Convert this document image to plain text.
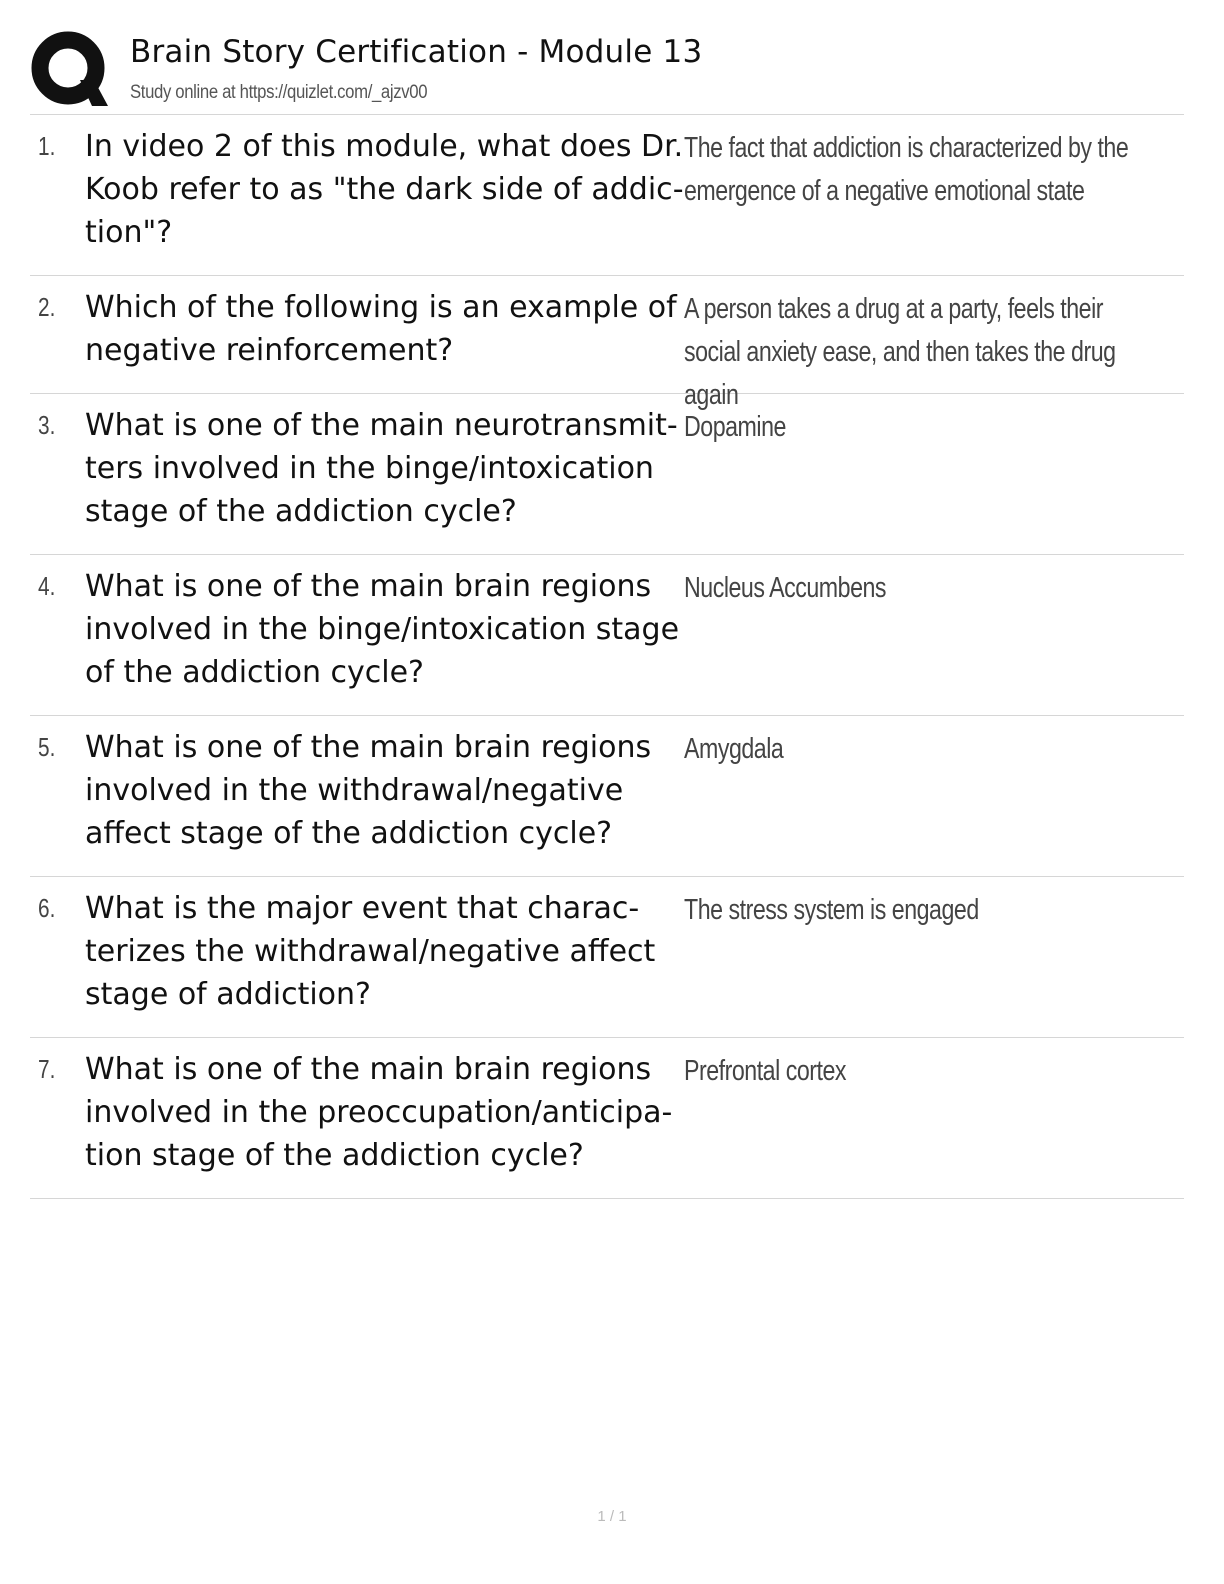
Brain Story Certification - Module 13
Study online at https://quizlet.com/_ajzv00
1. In video 2 of this module, what does Dr. Koob refer to as "the dark side of addiction"?
The fact that addiction is characterized by the emergence of a negative emotional state
2. Which of the following is an example of negative reinforcement?
A person takes a drug at a party, feels their social anxiety ease, and then takes the drug again
3. What is one of the main neurotransmitters involved in the binge/intoxication stage of the addiction cycle?
Dopamine
4. What is one of the main brain regions involved in the binge/intoxication stage of the addiction cycle?
Nucleus Accumbens
5. What is one of the main brain regions involved in the withdrawal/negative affect stage of the addiction cycle?
Amygdala
6. What is the major event that characterizes the withdrawal/negative affect stage of addiction?
The stress system is engaged
7. What is one of the main brain regions involved in the preoccupation/anticipation stage of the addiction cycle?
Prefrontal cortex
1 / 1
